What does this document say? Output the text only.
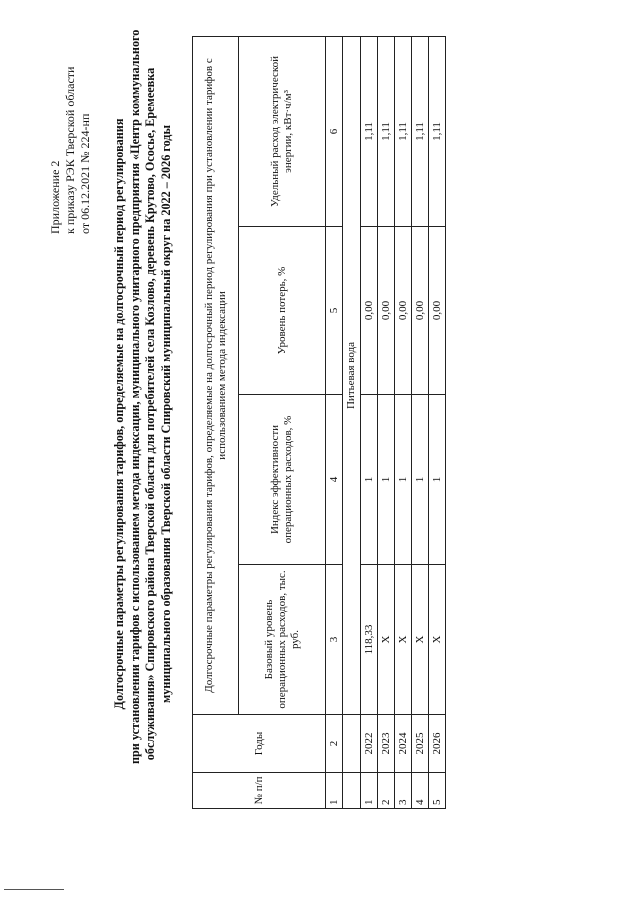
Приложение 2 к приказу РЭК Тверской области от 06.12.2021 № 224-нп Долгосрочные параметры регулирования тарифов, определяемые на долгосрочный период регулирования при установлении тарифов с использованием метода индексации, муниципального унитарного предприятия «Центр коммунального обслуживания» Спировского района Тверской области для потребителей села Козлово, деревень Крутово, Ососье, Еремеевка муниципального образования Тверской области Спировский муниципальный округ на 2022 – 2026 годы
№ п/п	Годы	Долгосрочные параметры регулирования тарифов, определяемые на долгосрочный период регулирования при установлении тарифов с использованием метода индексации			
		Базовый уровень операционных расходов, тыс. руб.	Индекс эффективности операционных расходов, %	Уровень потерь, %	Удельный расход электрической энергии, кВт·ч/м³
1	2	3	4	5	6
		Питьевая вода			
1	2022	118,33	1	0,00	1,11
2	2023	Х	1	0,00	1,11
3	2024	Х	1	0,00	1,11
4	2025	Х	1	0,00	1,11
5	2026	Х	1	0,00	1,11
